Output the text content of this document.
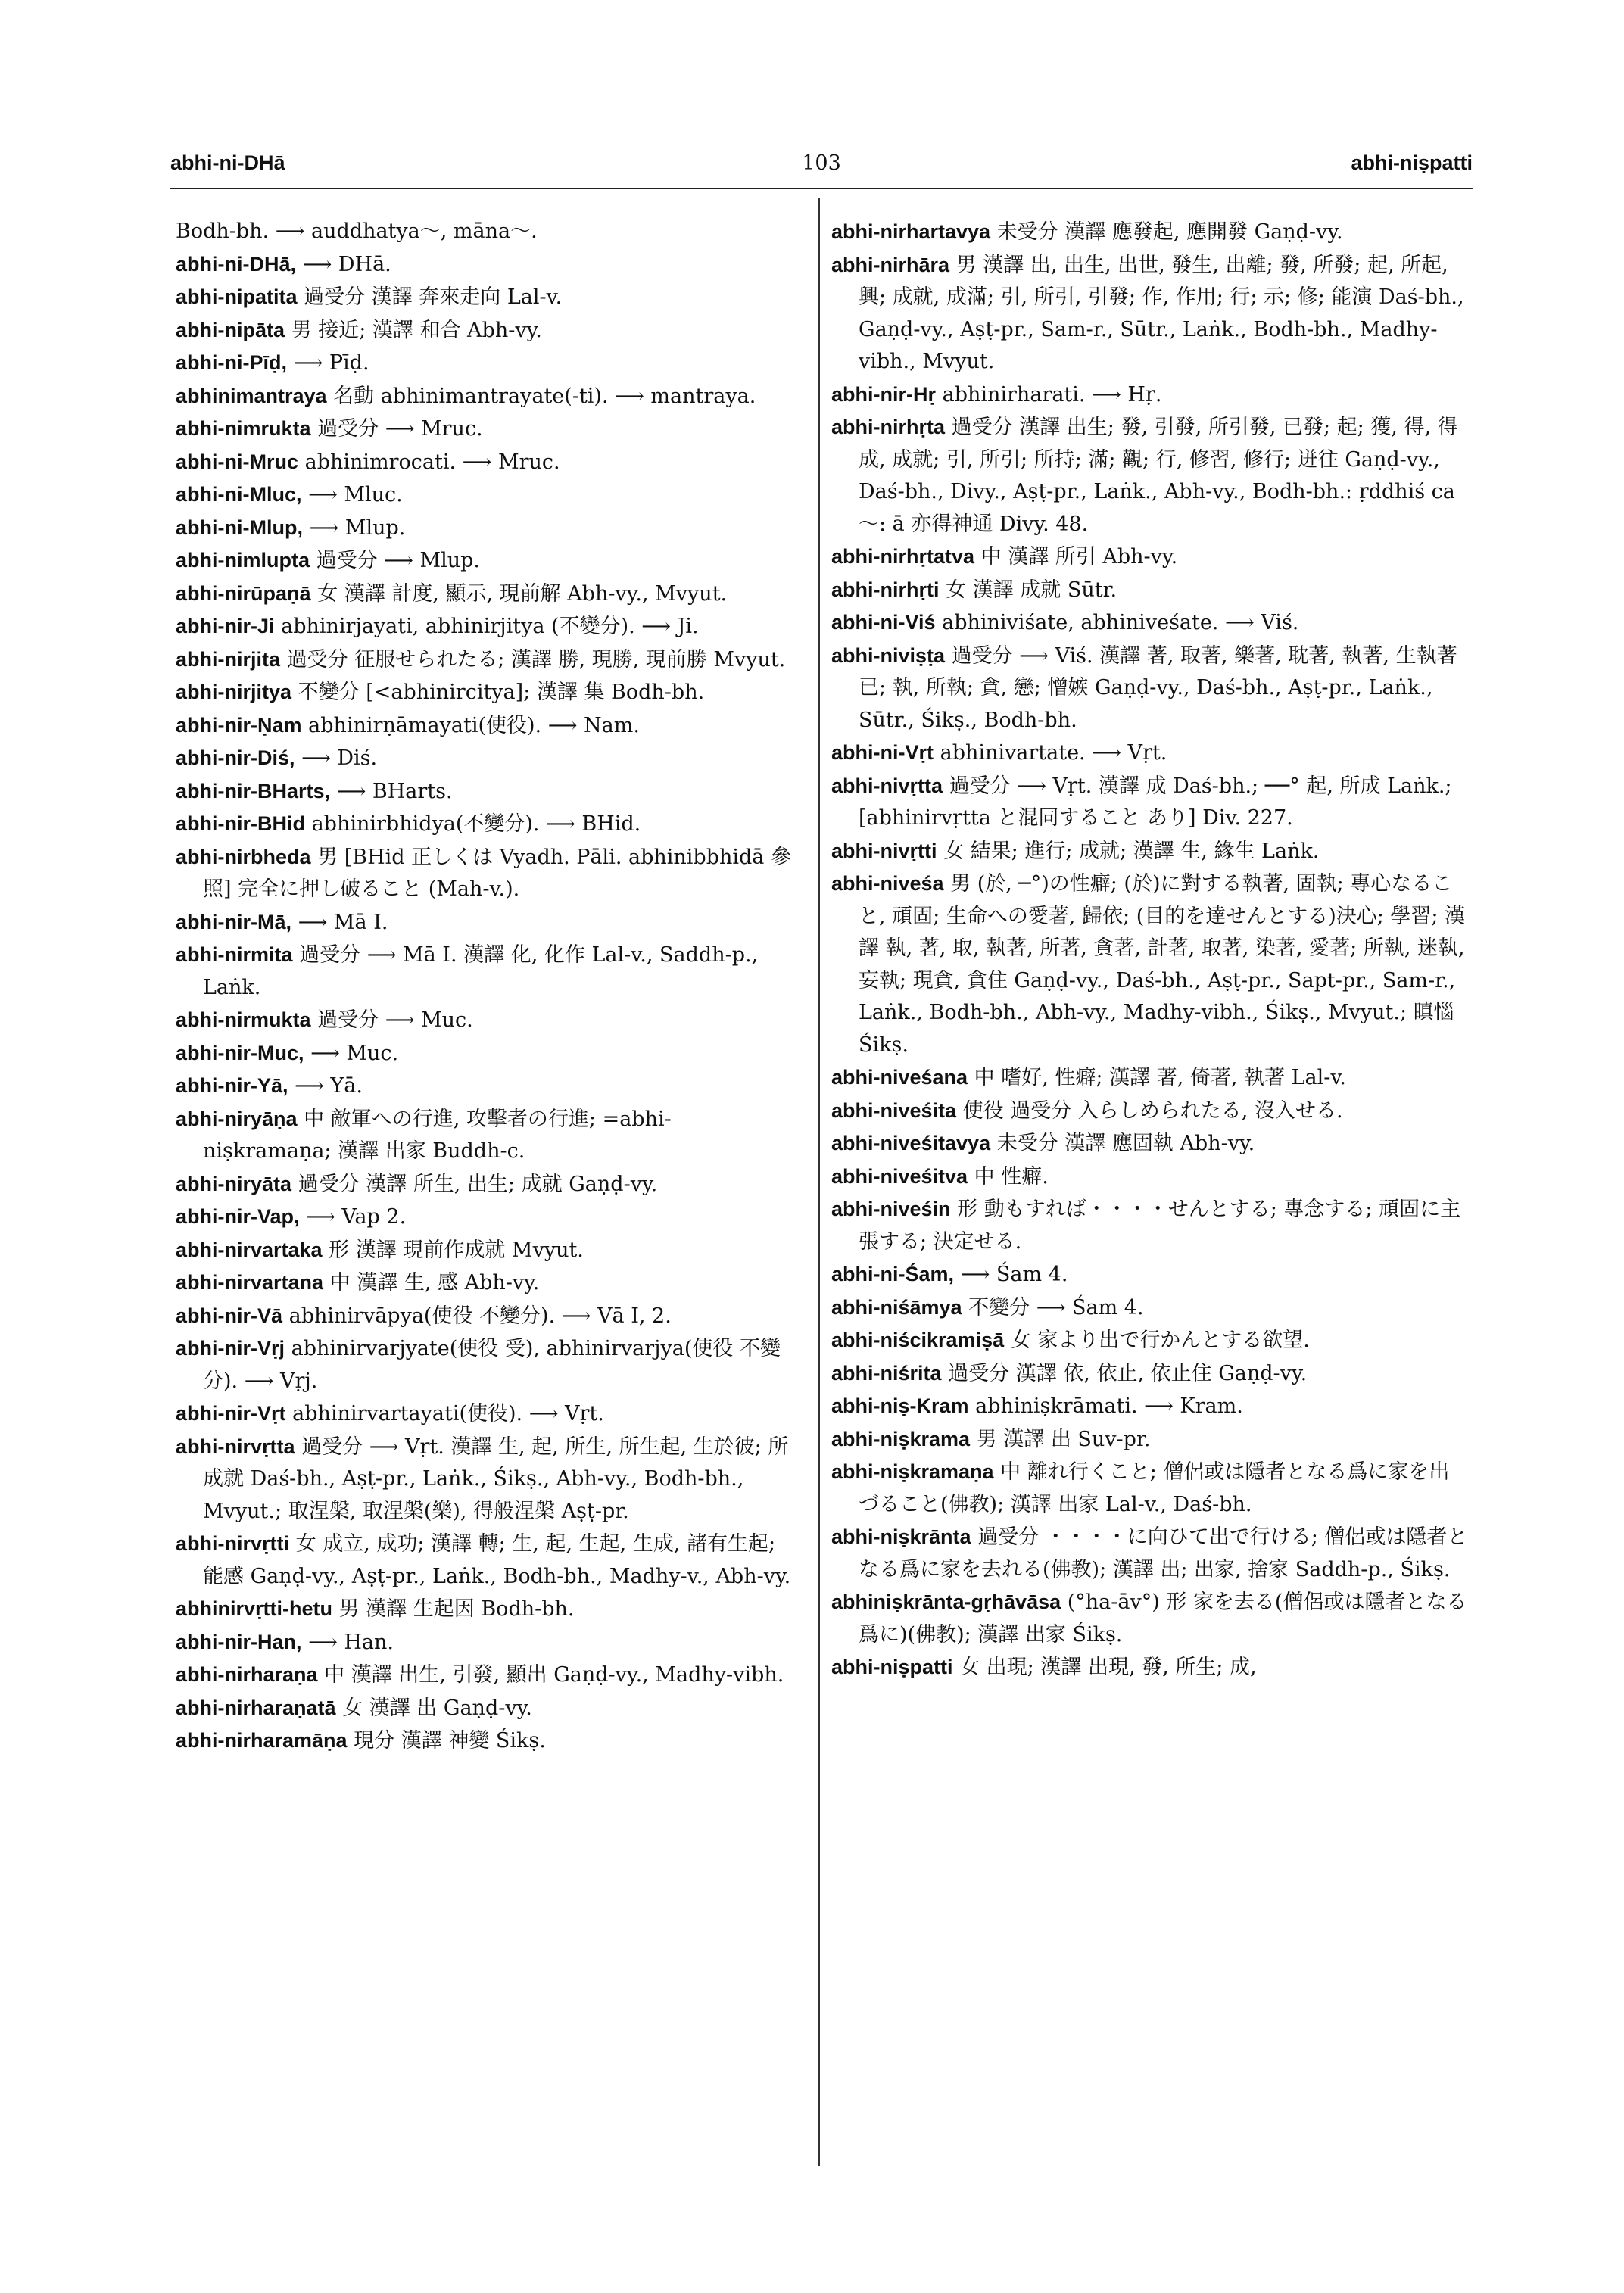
abhi-ni-DHā	103	abhi-niṣpatti

Bodh-bh. ⟶ auddhatya〜, māna〜.

abhi-ni-DHā, ⟶ DHā.

abhi-nipatita 過受分 漢譯 奔來走向 Lal-v.

abhi-nipāta 男 接近; 漢譯 和合 Abh-vy.

abhi-ni-Pīḍ, ⟶ Pīḍ.

abhinimantraya 名動 abhinimantrayate(-ti). ⟶ mantraya.

abhi-nimrukta 過受分 ⟶ Mruc.

abhi-ni-Mruc abhinimrocati. ⟶ Mruc.

abhi-ni-Mluc, ⟶ Mluc.

abhi-ni-Mlup, ⟶ Mlup.

abhi-nimlupta 過受分 ⟶ Mlup.

abhi-nirūpaṇā 女 漢譯 計度, 顯示, 現前解 Abh-vy., Mvyut.

abhi-nir-Ji abhinirjayati, abhinirjitya (不變分). ⟶ Ji.

abhi-nirjita 過受分 征服せられたる; 漢譯 勝, 現勝, 現前勝 Mvyut.

abhi-nirjitya 不變分 [<abhinircitya]; 漢譯 集 Bodh-bh.

abhi-nir-Ṇam abhinirṇāmayati(使役). ⟶ Nam.

abhi-nir-Diś, ⟶ Diś.

abhi-nir-BHarts, ⟶ BHarts.

abhi-nir-BHid abhinirbhidya(不變分). ⟶ BHid.

abhi-nirbheda 男 [BHid 正しくは Vyadh. Pāli. abhinibbhidā 參照] 完全に押し破ること (Mah-v.).

abhi-nir-Mā, ⟶ Mā I.

abhi-nirmita 過受分 ⟶ Mā I. 漢譯 化, 化作 Lal-v., Saddh-p., Laṅk.

abhi-nirmukta 過受分 ⟶ Muc.

abhi-nir-Muc, ⟶ Muc.

abhi-nir-Yā, ⟶ Yā.

abhi-niryāṇa 中 敵軍への行進, 攻擊者の行進; =abhi-niṣkramaṇa; 漢譯 出家 Buddh-c.

abhi-niryāta 過受分 漢譯 所生, 出生; 成就 Gaṇḍ-vy.

abhi-nir-Vap, ⟶ Vap 2.

abhi-nirvartaka 形 漢譯 現前作成就 Mvyut.

abhi-nirvartana 中 漢譯 生, 感 Abh-vy.

abhi-nir-Vā abhinirvāpya(使役 不變分). ⟶ Vā I, 2.

abhi-nir-Vṛj abhinirvarjyate(使役 受), abhinirvarjya(使役 不變分). ⟶ Vṛj.

abhi-nir-Vṛt abhinirvartayati(使役). ⟶ Vṛt.

abhi-nirvṛtta 過受分 ⟶ Vṛt. 漢譯 生, 起, 所生, 所生起, 生於彼; 所成就 Daś-bh., Aṣṭ-pr., Laṅk., Śikṣ., Abh-vy., Bodh-bh., Mvyut.; 取涅槃, 取涅槃(樂), 得般涅槃 Aṣṭ-pr.

abhi-nirvṛtti 女 成立, 成功; 漢譯 轉; 生, 起, 生起, 生成, 諸有生起; 能感 Gaṇḍ-vy., Aṣṭ-pr., Laṅk., Bodh-bh., Madhy-v., Abh-vy.

abhinirvṛtti-hetu 男 漢譯 生起因 Bodh-bh.

abhi-nir-Han, ⟶ Han.

abhi-nirharaṇa 中 漢譯 出生, 引發, 顯出 Gaṇḍ-vy., Madhy-vibh.

abhi-nirharaṇatā 女 漢譯 出 Gaṇḍ-vy.

abhi-nirharamāṇa 現分 漢譯 神變 Śikṣ.

abhi-nirhartavya 未受分 漢譯 應發起, 應開發 Gaṇḍ-vy.

abhi-nirhāra 男 漢譯 出, 出生, 出世, 發生, 出離; 發, 所發; 起, 所起, 興; 成就, 成滿; 引, 所引, 引發; 作, 作用; 行; 示; 修; 能演 Daś-bh., Gaṇḍ-vy., Aṣṭ-pr., Sam-r., Sūtr., Laṅk., Bodh-bh., Madhy-vibh., Mvyut.

abhi-nir-Hṛ abhinirharati. ⟶ Hṛ.

abhi-nirhṛta 過受分 漢譯 出生; 發, 引發, 所引發, 已發; 起; 獲, 得, 得成, 成就; 引, 所引; 所持; 滿; 觀; 行, 修習, 修行; 迸往 Gaṇḍ-vy., Daś-bh., Divy., Aṣṭ-pr., Laṅk., Abh-vy., Bodh-bh.: ṛddhiś ca 〜: ā 亦得神通 Divy. 48.

abhi-nirhṛtatva 中 漢譯 所引 Abh-vy.

abhi-nirhṛti 女 漢譯 成就 Sūtr.

abhi-ni-Viś abhiniviśate, abhiniveśate. ⟶ Viś.

abhi-niviṣṭa 過受分 ⟶ Viś. 漢譯 著, 取著, 樂著, 耽著, 執著, 生執著已; 執, 所執; 貪, 戀; 憎嫉 Gaṇḍ-vy., Daś-bh., Aṣṭ-pr., Laṅk., Sūtr., Śikṣ., Bodh-bh.

abhi-ni-Vṛt abhinivartate. ⟶ Vṛt.

abhi-nivṛtta 過受分 ⟶ Vṛt. 漢譯 成 Daś-bh.; ──° 起, 所成 Laṅk.; [abhinirvṛtta と混同すること あり] Div. 227.

abhi-nivṛtti 女 結果; 進行; 成就; 漢譯 生, 緣生 Laṅk.

abhi-niveśa 男 (於, ─°)の性癖; (於)に對する執著, 固執; 專心なること, 頑固; 生命への愛著, 歸依; (目的を達せんとする)決心; 學習; 漢譯 執, 著, 取, 執著, 所著, 貪著, 計著, 取著, 染著, 愛著; 所執, 迷執, 妄執; 現貪, 貪住 Gaṇḍ-vy., Daś-bh., Aṣṭ-pr., Sapt-pr., Sam-r., Laṅk., Bodh-bh., Abh-vy., Madhy-vibh., Śikṣ., Mvyut.; 瞋惱 Śikṣ.

abhi-niveśana 中 嗜好, 性癖; 漢譯 著, 倚著, 執著 Lal-v.

abhi-niveśita 使役 過受分 入らしめられたる, 沒入せる.

abhi-niveśitavya 未受分 漢譯 應固執 Abh-vy.

abhi-niveśitva 中 性癖.

abhi-niveśin 形 動もすれば・・・・せんとする; 專念する; 頑固に主張する; 決定せる.

abhi-ni-Śam, ⟶ Śam 4.

abhi-niśāmya 不變分 ⟶ Śam 4.

abhi-niścikramiṣā 女 家より出で行かんとする欲望.

abhi-niśrita 過受分 漢譯 依, 依止, 依止住 Gaṇḍ-vy.

abhi-niṣ-Kram abhiniṣkrāmati. ⟶ Kram.

abhi-niṣkrama 男 漢譯 出 Suv-pr.

abhi-niṣkramaṇa 中 離れ行くこと; 僧侶或は隱者となる爲に家を出づること(佛教); 漢譯 出家 Lal-v., Daś-bh.

abhi-niṣkrānta 過受分 ・・・・に向ひて出で行ける; 僧侶或は隱者となる爲に家を去れる(佛教); 漢譯 出; 出家, 捨家 Saddh-p., Śikṣ.

abhiniṣkrānta-gṛhāvāsa (°ha-āv°) 形 家を去る(僧侶或は隱者となる爲に)(佛教); 漢譯 出家 Śikṣ.

abhi-niṣpatti 女 出現; 漢譯 出現, 發, 所生; 成,
